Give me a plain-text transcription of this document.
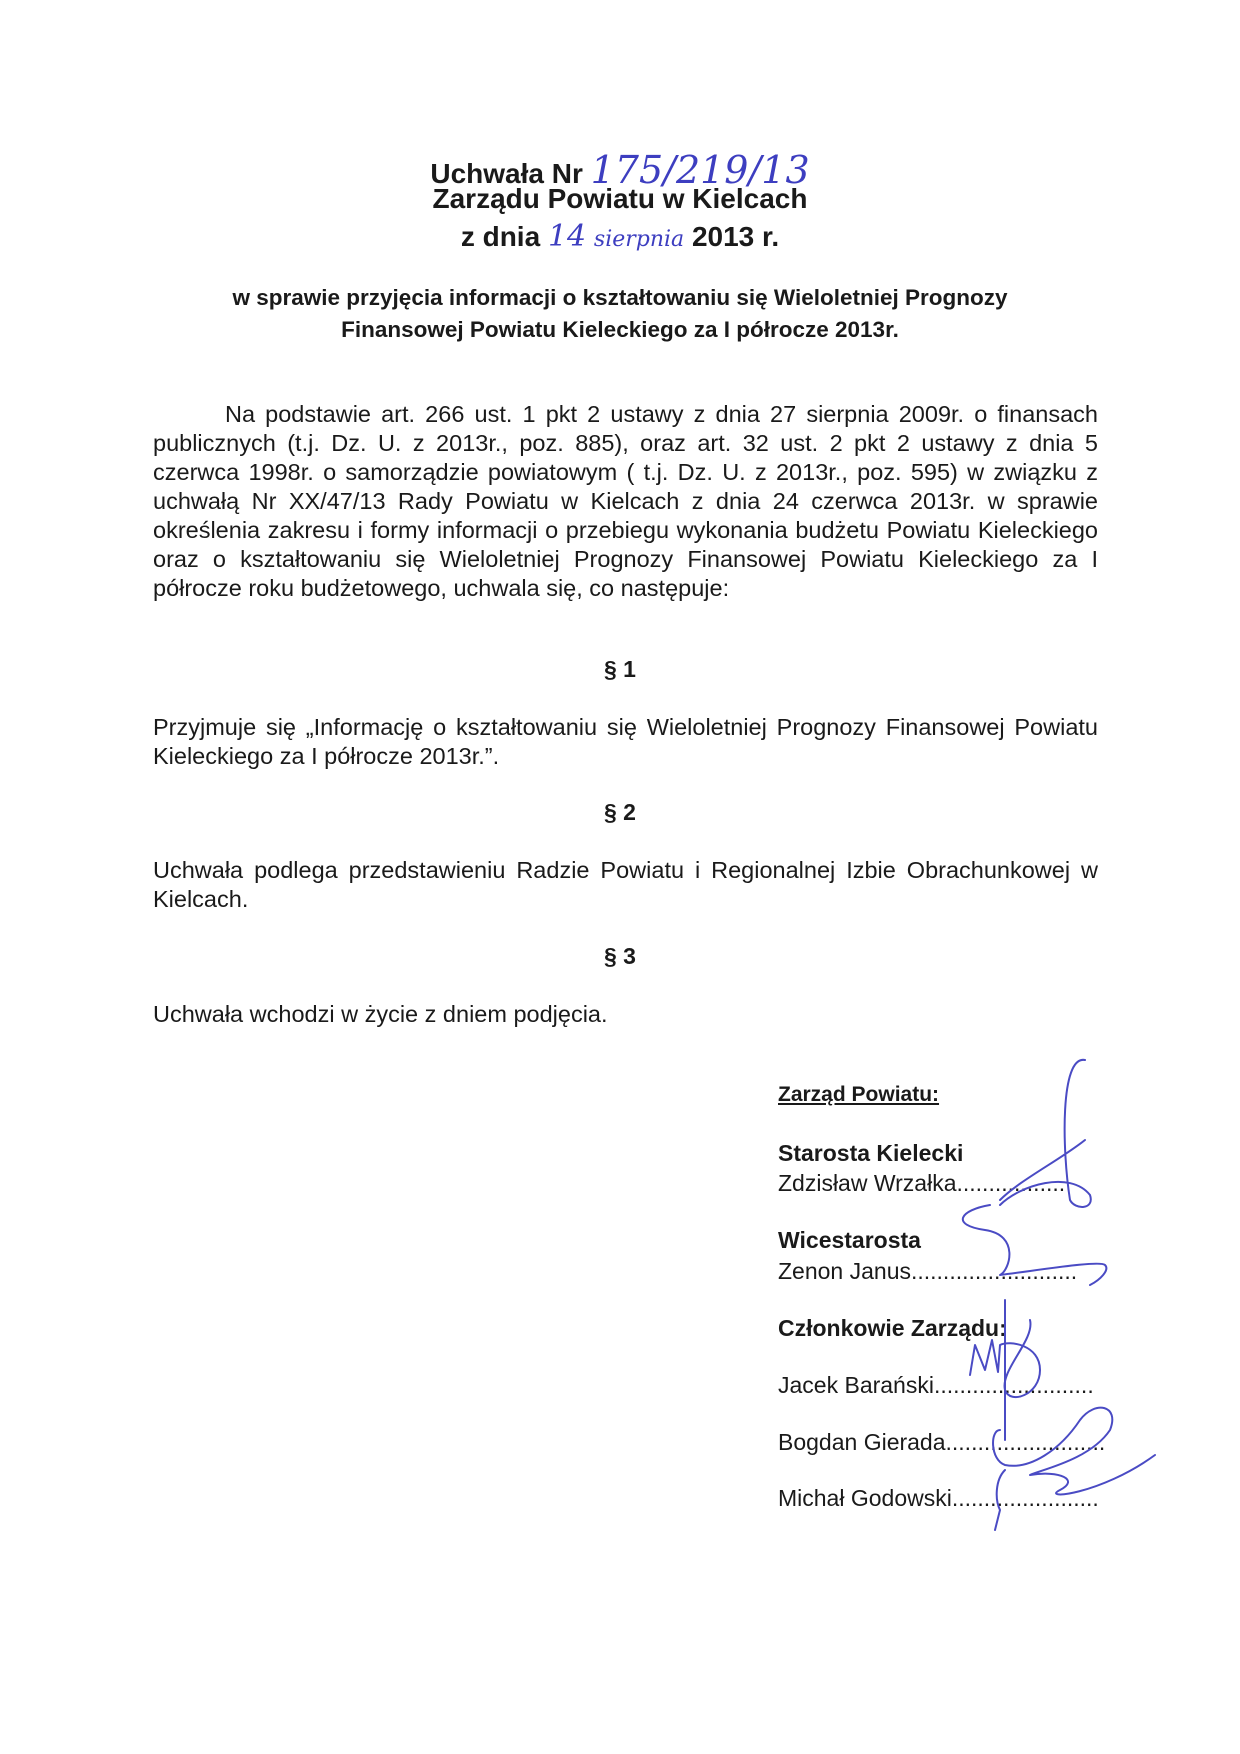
Uchwała Nr 175/219/13
Zarządu Powiatu w Kielcach
z dnia 14 sierpnia 2013 r.
w sprawie przyjęcia informacji o kształtowaniu się Wieloletniej Prognozy
Finansowej Powiatu Kieleckiego za I półrocze 2013r.
Na podstawie art. 266 ust. 1 pkt 2 ustawy z dnia 27 sierpnia 2009r. o finansach publicznych (t.j. Dz. U. z 2013r., poz. 885), oraz art. 32 ust. 2 pkt 2 ustawy z dnia 5 czerwca 1998r. o samorządzie powiatowym ( t.j. Dz. U. z 2013r., poz. 595) w związku z uchwałą Nr XX/47/13 Rady Powiatu w Kielcach z dnia 24 czerwca 2013r. w sprawie określenia zakresu i formy informacji o przebiegu wykonania budżetu Powiatu Kieleckiego oraz o kształtowaniu się Wieloletniej Prognozy Finansowej Powiatu Kieleckiego za I półrocze roku budżetowego, uchwala się, co następuje:
§ 1
Przyjmuje się „Informację o kształtowaniu się Wieloletniej Prognozy Finansowej Powiatu Kieleckiego za I półrocze 2013r.”.
§ 2
Uchwała podlega przedstawieniu Radzie Powiatu i Regionalnej Izbie Obrachunkowej w Kielcach.
§ 3
Uchwała wchodzi w życie z dniem podjęcia.
Zarząd Powiatu:
Starosta Kielecki
Zdzisław Wrzałka.................
Wicestarosta
Zenon Janus..........................
Członkowie Zarządu:
Jacek Barański.........................
Bogdan Gierada.........................
Michał Godowski.......................
